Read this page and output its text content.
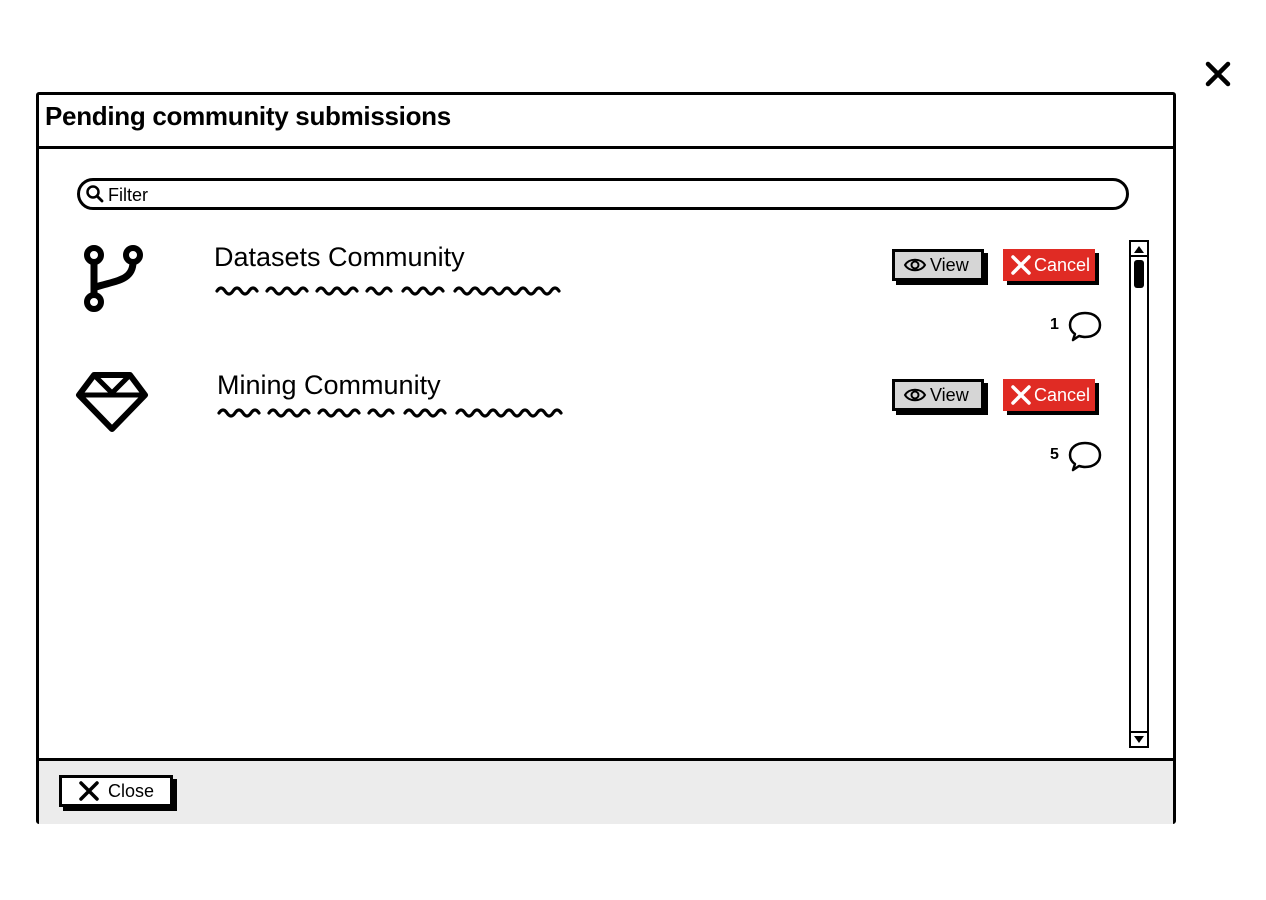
Pending community submissions
Filter
Datasets Community	View	Cancel
1
Mining Community	View	Cancel
5
Close
